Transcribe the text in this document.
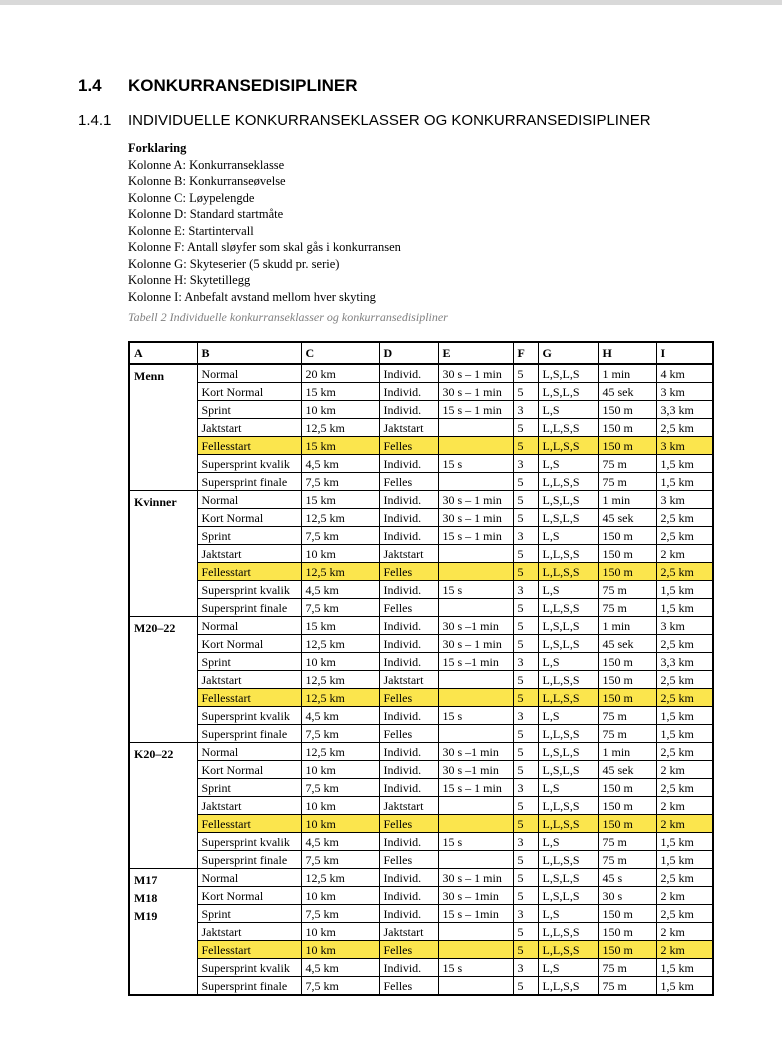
1.4	KONKURRANSEDISIPLINER
1.4.1	INDIVIDUELLE KONKURRANSEKLASSER OG KONKURRANSEDISIPLINER
Forklaring
Kolonne A: Konkurranseklasse
Kolonne B: Konkurranseøvelse
Kolonne C: Løypelengde
Kolonne D: Standard startmåte
Kolonne E: Startintervall
Kolonne F: Antall sløyfer som skal gås i konkurransen
Kolonne G: Skyteserier (5 skudd pr. serie)
Kolonne H: Skytetillegg
Kolonne I: Anbefalt avstand mellom hver skyting
Tabell 2 Individuelle konkurranseklasser og konkurransedisipliner
A	B	C	D	E	F	G	H	I

Menn	Normal	20 km	Individ.	30 s – 1 min	5	L,S,L,S	1 min	4 km
	Kort Normal	15 km	Individ.	30 s – 1 min	5	L,S,L,S	45 sek	3 km
	Sprint	10 km	Individ.	15 s – 1 min	3	L,S	150 m	3,3 km
	Jaktstart	12,5 km	Jaktstart		5	L,L,S,S	150 m	2,5 km
	Fellesstart	15 km	Felles		5	L,L,S,S	150 m	3 km
	Supersprint kvalik	4,5 km	Individ.	15 s	3	L,S	75 m	1,5 km
	Supersprint finale	7,5 km	Felles		5	L,L,S,S	75 m	1,5 km

Kvinner	Normal	15 km	Individ.	30 s – 1 min	5	L,S,L,S	1 min	3 km
	Kort Normal	12,5 km	Individ.	30 s – 1 min	5	L,S,L,S	45 sek	2,5 km
	Sprint	7,5 km	Individ.	15 s – 1 min	3	L,S	150 m	2,5 km
	Jaktstart	10 km	Jaktstart		5	L,L,S,S	150 m	2 km
	Fellesstart	12,5 km	Felles		5	L,L,S,S	150 m	2,5 km
	Supersprint kvalik	4,5 km	Individ.	15 s	3	L,S	75 m	1,5 km
	Supersprint finale	7,5 km	Felles		5	L,L,S,S	75 m	1,5 km

M20–22	Normal	15 km	Individ.	30 s –1 min	5	L,S,L,S	1 min	3 km
	Kort Normal	12,5 km	Individ.	30 s – 1 min	5	L,S,L,S	45 sek	2,5 km
	Sprint	10 km	Individ.	15 s –1 min	3	L,S	150 m	3,3 km
	Jaktstart	12,5 km	Jaktstart		5	L,L,S,S	150 m	2,5 km
	Fellesstart	12,5 km	Felles		5	L,L,S,S	150 m	2,5 km
	Supersprint kvalik	4,5 km	Individ.	15 s	3	L,S	75 m	1,5 km
	Supersprint finale	7,5 km	Felles		5	L,L,S,S	75 m	1,5 km

K20–22	Normal	12,5 km	Individ.	30 s –1 min	5	L,S,L,S	1 min	2,5 km
	Kort Normal	10 km	Individ.	30 s –1 min	5	L,S,L,S	45 sek	2 km
	Sprint	7,5 km	Individ.	15 s – 1 min	3	L,S	150 m	2,5 km
	Jaktstart	10 km	Jaktstart		5	L,L,S,S	150 m	2 km
	Fellesstart	10 km	Felles		5	L,L,S,S	150 m	2 km
	Supersprint kvalik	4,5 km	Individ.	15 s	3	L,S	75 m	1,5 km
	Supersprint finale	7,5 km	Felles		5	L,L,S,S	75 m	1,5 km

M17
M18
M19	Normal	12,5 km	Individ.	30 s – 1 min	5	L,S,L,S	45 s	2,5 km
	Kort Normal	10 km	Individ.	30 s – 1min	5	L,S,L,S	30 s	2 km
	Sprint	7,5 km	Individ.	15 s – 1min	3	L,S	150 m	2,5 km
	Jaktstart	10 km	Jaktstart		5	L,L,S,S	150 m	2 km
	Fellesstart	10 km	Felles		5	L,L,S,S	150 m	2 km
	Supersprint kvalik	4,5 km	Individ.	15 s	3	L,S	75 m	1,5 km
	Supersprint finale	7,5 km	Felles		5	L,L,S,S	75 m	1,5 km
